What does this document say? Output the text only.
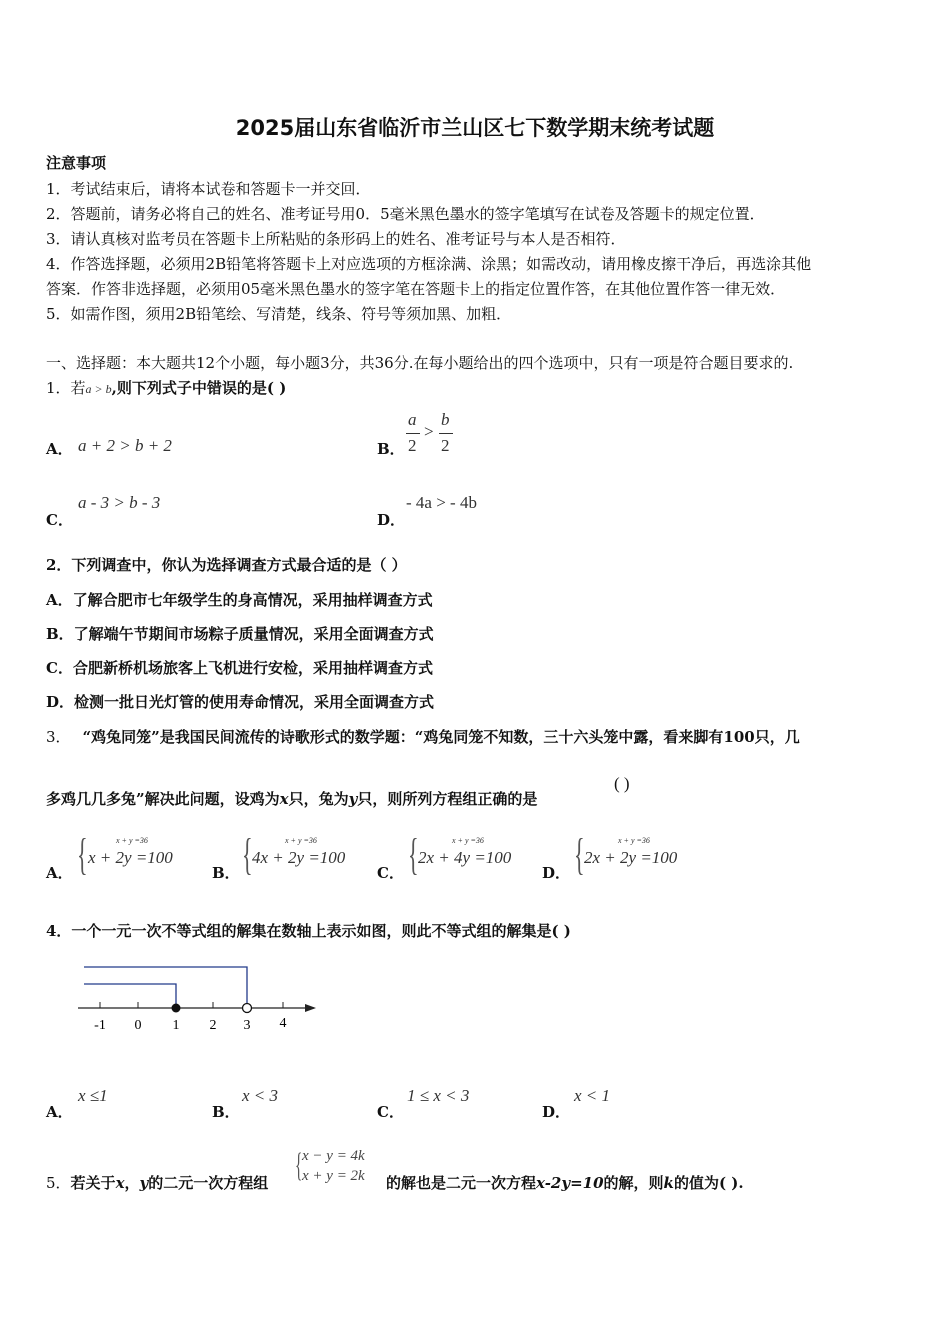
2025届山东省临沂市兰山区七下数学期末统考试题
注意事项
1．考试结束后，请将本试卷和答题卡一并交回．
2．答题前，请务必将自己的姓名、准考证号用0．5毫米黑色墨水的签字笔填写在试卷及答题卡的规定位置．
3．请认真核对监考员在答题卡上所粘贴的条形码上的姓名、准考证号与本人是否相符．
4．作答选择题，必须用2B铅笔将答题卡上对应选项的方框涂满、涂黑；如需改动，请用橡皮擦干净后，再选涂其他
答案．作答非选择题，必须用05毫米黑色墨水的签字笔在答题卡上的指定位置作答，在其他位置作答一律无效．
5．如需作图，须用2B铅笔绘、写清楚，线条、符号等须加黑、加粗．
一、选择题：本大题共12个小题，每小题3分，共36分.在每小题给出的四个选项中，只有一项是符合题目要求的.
1．若a > b,则下列式子中错误的是( )
A． a + 2 > b + 2	B．
a
2
>
b
2
C．
a - 3 > b - 3
D．
- 4a > - 4b
2．下列调查中，你认为选择调查方式最合适的是（ ）
A．了解合肥市七年级学生的身高情况，采用抽样调查方式
B．了解端午节期间市场粽子质量情况，采用全面调查方式
C．合肥新桥机场旅客上飞机进行安检，采用抽样调查方式
D．检测一批日光灯管的使用寿命情况，采用全面调查方式
3． “鸡兔同笼”是我国民间流传的诗歌形式的数学题：“鸡兔同笼不知数，三十六头笼中露，看来脚有100只，几
多鸡几几多兔”解决此问题，设鸡为x只，兔为y只，则所列方程组正确的是
( )
A． {	x + y =36
x + 2y =100
B． {	x + y =36
4x + 2y =100
C． {	x + y =36
2x + 4y =100
D． {	x + y =36
2x + 2y =100
4．一个一元一次不等式组的解集在数轴上表示如图，则此不等式组的解集是( )
-1 0 1 2 3 4
A．
x ≤1
B．
x < 3
C．
1 ≤ x < 3
D．
x < 1
5．若关于x，y的二元一次方程组 { x − y = 4k
x + y = 2k 的解也是二元一次方程x-2y=10的解，则k的值为( ).
